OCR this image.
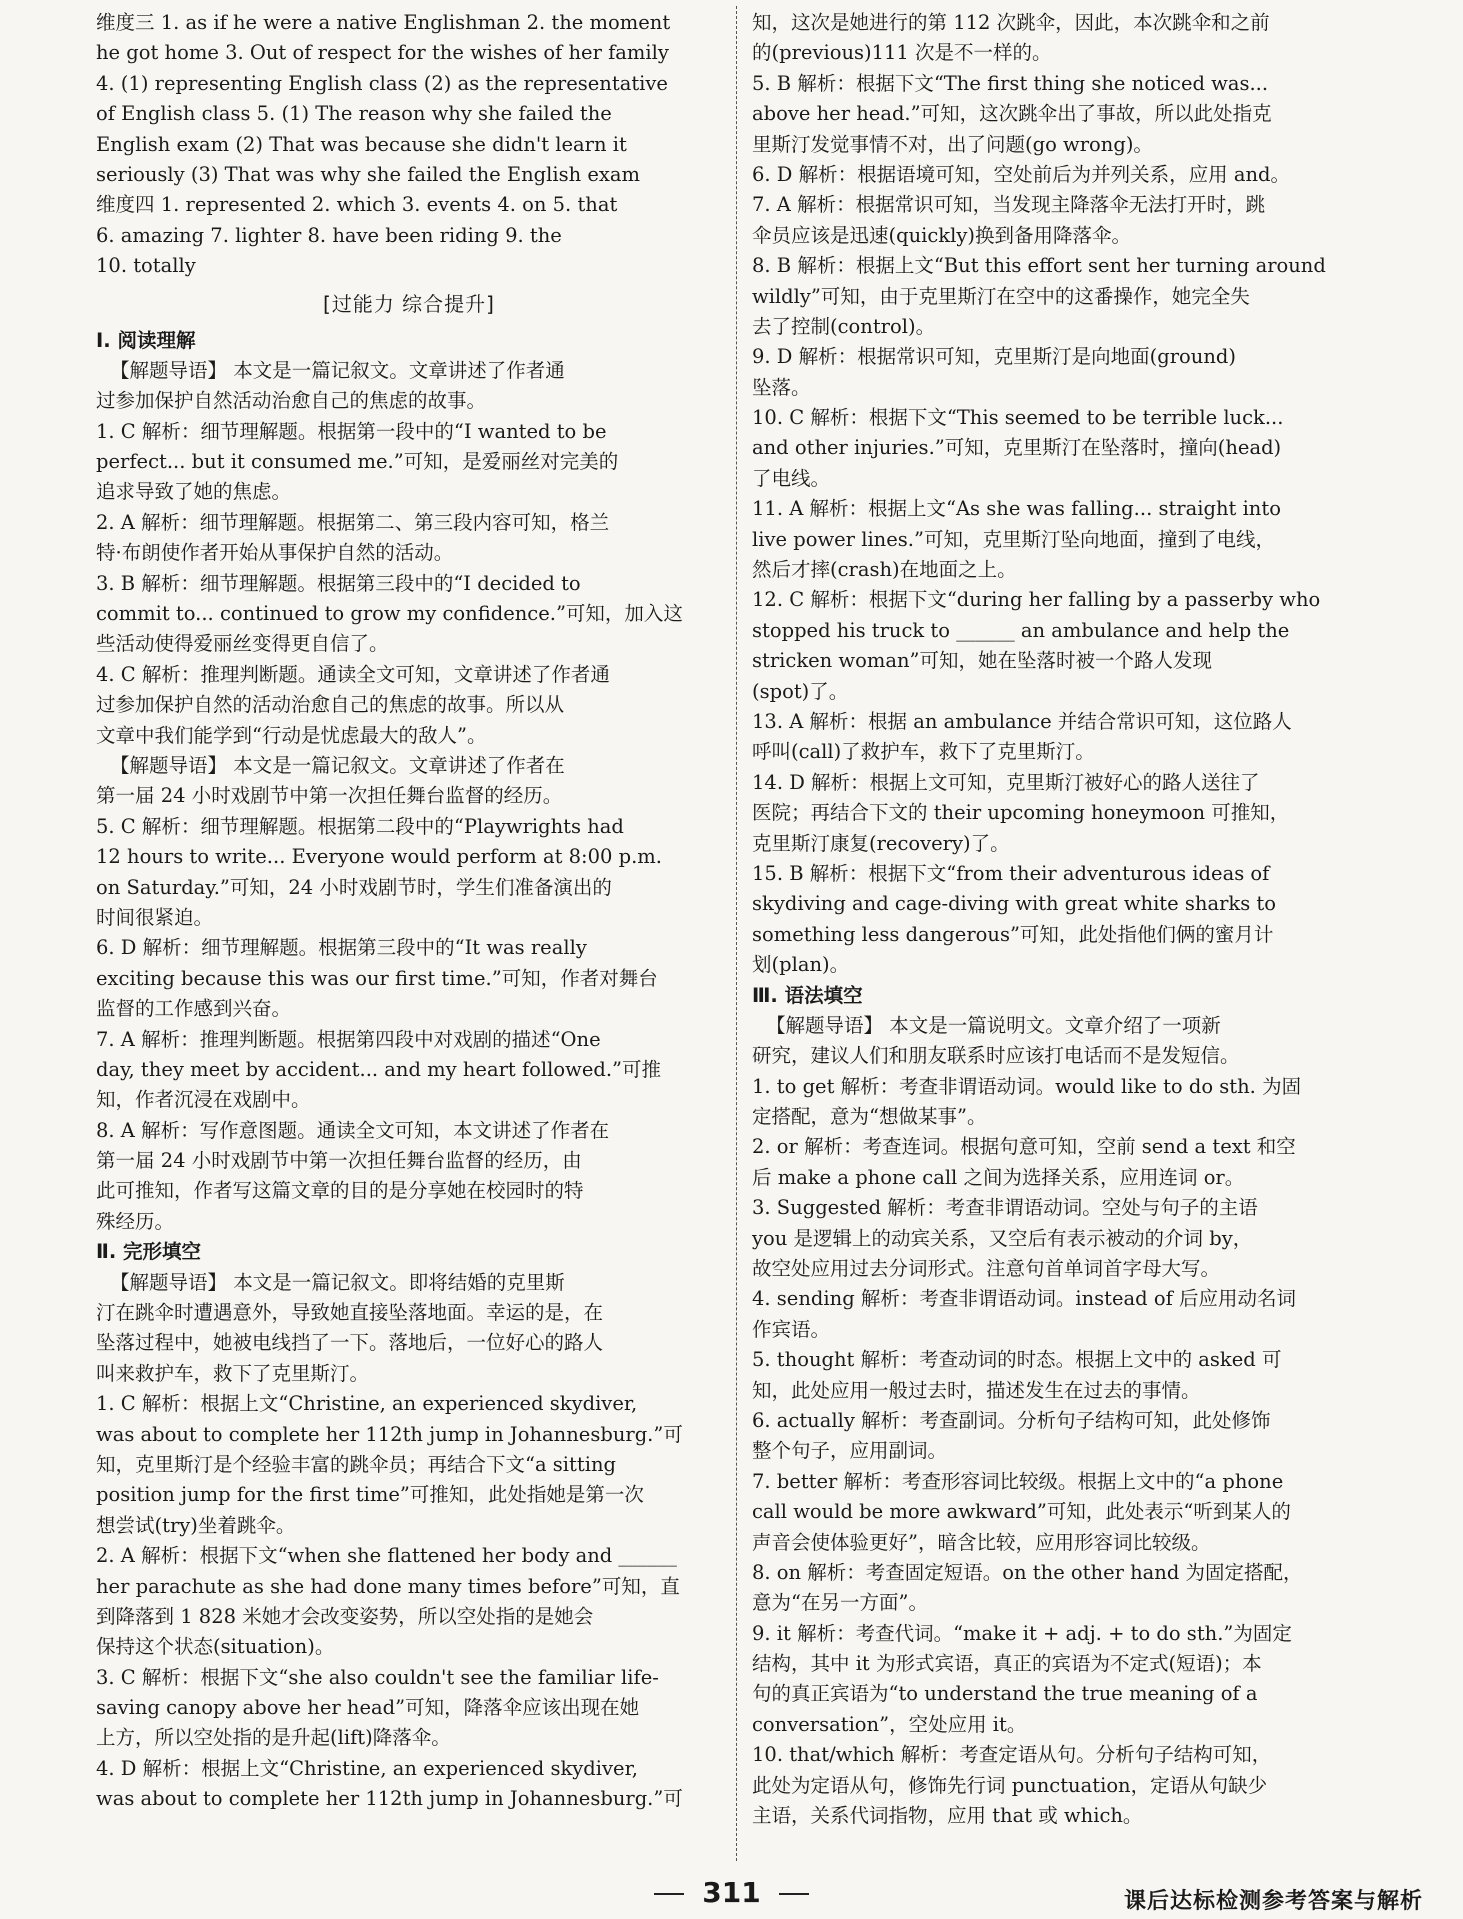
维度三 1. as if he were a native Englishman 2. the moment
he got home 3. Out of respect for the wishes of her family
4. (1) representing English class (2) as the representative
of English class 5. (1) The reason why she failed the
English exam (2) That was because she didn't learn it
seriously (3) That was why she failed the English exam
维度四 1. represented 2. which 3. events 4. on 5. that
6. amazing 7. lighter 8. have been riding 9. the
10. totally
[过能力 综合提升]
Ⅰ. 阅读理解
【解题导语】 本文是一篇记叙文。文章讲述了作者通
过参加保护自然活动治愈自己的焦虑的故事。
1. C 解析：细节理解题。根据第一段中的“I wanted to be
perfect... but it consumed me.”可知，是爱丽丝对完美的
追求导致了她的焦虑。
2. A 解析：细节理解题。根据第二、第三段内容可知，格兰
特·布朗使作者开始从事保护自然的活动。
3. B 解析：细节理解题。根据第三段中的“I decided to
commit to... continued to grow my confidence.”可知，加入这
些活动使得爱丽丝变得更自信了。
4. C 解析：推理判断题。通读全文可知，文章讲述了作者通
过参加保护自然的活动治愈自己的焦虑的故事。所以从
文章中我们能学到“行动是忧虑最大的敌人”。
【解题导语】 本文是一篇记叙文。文章讲述了作者在
第一届 24 小时戏剧节中第一次担任舞台监督的经历。
5. C 解析：细节理解题。根据第二段中的“Playwrights had
12 hours to write... Everyone would perform at 8:00 p.m.
on Saturday.”可知，24 小时戏剧节时，学生们准备演出的
时间很紧迫。
6. D 解析：细节理解题。根据第三段中的“It was really
exciting because this was our first time.”可知，作者对舞台
监督的工作感到兴奋。
7. A 解析：推理判断题。根据第四段中对戏剧的描述“One
day, they meet by accident... and my heart followed.”可推
知，作者沉浸在戏剧中。
8. A 解析：写作意图题。通读全文可知，本文讲述了作者在
第一届 24 小时戏剧节中第一次担任舞台监督的经历，由
此可推知，作者写这篇文章的目的是分享她在校园时的特
殊经历。
Ⅱ. 完形填空
【解题导语】 本文是一篇记叙文。即将结婚的克里斯
汀在跳伞时遭遇意外，导致她直接坠落地面。幸运的是，在
坠落过程中，她被电线挡了一下。落地后，一位好心的路人
叫来救护车，救下了克里斯汀。
1. C 解析：根据上文“Christine, an experienced skydiver,
was about to complete her 112th jump in Johannesburg.”可
知，克里斯汀是个经验丰富的跳伞员；再结合下文“a sitting
position jump for the first time”可推知，此处指她是第一次
想尝试(try)坐着跳伞。
2. A 解析：根据下文“when she flattened her body and ______
her parachute as she had done many times before”可知，直
到降落到 1 828 米她才会改变姿势，所以空处指的是她会
保持这个状态(situation)。
3. C 解析：根据下文“she also couldn't see the familiar life-
saving canopy above her head”可知，降落伞应该出现在她
上方，所以空处指的是升起(lift)降落伞。
4. D 解析：根据上文“Christine, an experienced skydiver,
was about to complete her 112th jump in Johannesburg.”可
知，这次是她进行的第 112 次跳伞，因此，本次跳伞和之前
的(previous)111 次是不一样的。
5. B 解析：根据下文“The first thing she noticed was...
above her head.”可知，这次跳伞出了事故，所以此处指克
里斯汀发觉事情不对，出了问题(go wrong)。
6. D 解析：根据语境可知，空处前后为并列关系，应用 and。
7. A 解析：根据常识可知，当发现主降落伞无法打开时，跳
伞员应该是迅速(quickly)换到备用降落伞。
8. B 解析：根据上文“But this effort sent her turning around
wildly”可知，由于克里斯汀在空中的这番操作，她完全失
去了控制(control)。
9. D 解析：根据常识可知，克里斯汀是向地面(ground)
坠落。
10. C 解析：根据下文“This seemed to be terrible luck...
and other injuries.”可知，克里斯汀在坠落时，撞向(head)
了电线。
11. A 解析：根据上文“As she was falling... straight into
live power lines.”可知，克里斯汀坠向地面，撞到了电线，
然后才摔(crash)在地面之上。
12. C 解析：根据下文“during her falling by a passerby who
stopped his truck to ______ an ambulance and help the
stricken woman”可知，她在坠落时被一个路人发现
(spot)了。
13. A 解析：根据 an ambulance 并结合常识可知，这位路人
呼叫(call)了救护车，救下了克里斯汀。
14. D 解析：根据上文可知，克里斯汀被好心的路人送往了
医院；再结合下文的 their upcoming honeymoon 可推知，
克里斯汀康复(recovery)了。
15. B 解析：根据下文“from their adventurous ideas of
skydiving and cage-diving with great white sharks to
something less dangerous”可知，此处指他们俩的蜜月计
划(plan)。
Ⅲ. 语法填空
【解题导语】 本文是一篇说明文。文章介绍了一项新
研究，建议人们和朋友联系时应该打电话而不是发短信。
1. to get 解析：考查非谓语动词。would like to do sth. 为固
定搭配，意为“想做某事”。
2. or 解析：考查连词。根据句意可知，空前 send a text 和空
后 make a phone call 之间为选择关系，应用连词 or。
3. Suggested 解析：考查非谓语动词。空处与句子的主语
you 是逻辑上的动宾关系，又空后有表示被动的介词 by，
故空处应用过去分词形式。注意句首单词首字母大写。
4. sending 解析：考查非谓语动词。instead of 后应用动名词
作宾语。
5. thought 解析：考查动词的时态。根据上文中的 asked 可
知，此处应用一般过去时，描述发生在过去的事情。
6. actually 解析：考查副词。分析句子结构可知，此处修饰
整个句子，应用副词。
7. better 解析：考查形容词比较级。根据上文中的“a phone
call would be more awkward”可知，此处表示“听到某人的
声音会使体验更好”，暗含比较，应用形容词比较级。
8. on 解析：考查固定短语。on the other hand 为固定搭配，
意为“在另一方面”。
9. it 解析：考查代词。“make it + adj. + to do sth.”为固定
结构，其中 it 为形式宾语，真正的宾语为不定式(短语)；本
句的真正宾语为“to understand the true meaning of a
conversation”，空处应用 it。
10. that/which 解析：考查定语从句。分析句子结构可知，
此处为定语从句，修饰先行词 punctuation，定语从句缺少
主语，关系代词指物，应用 that 或 which。
311	课后达标检测参考答案与解析
